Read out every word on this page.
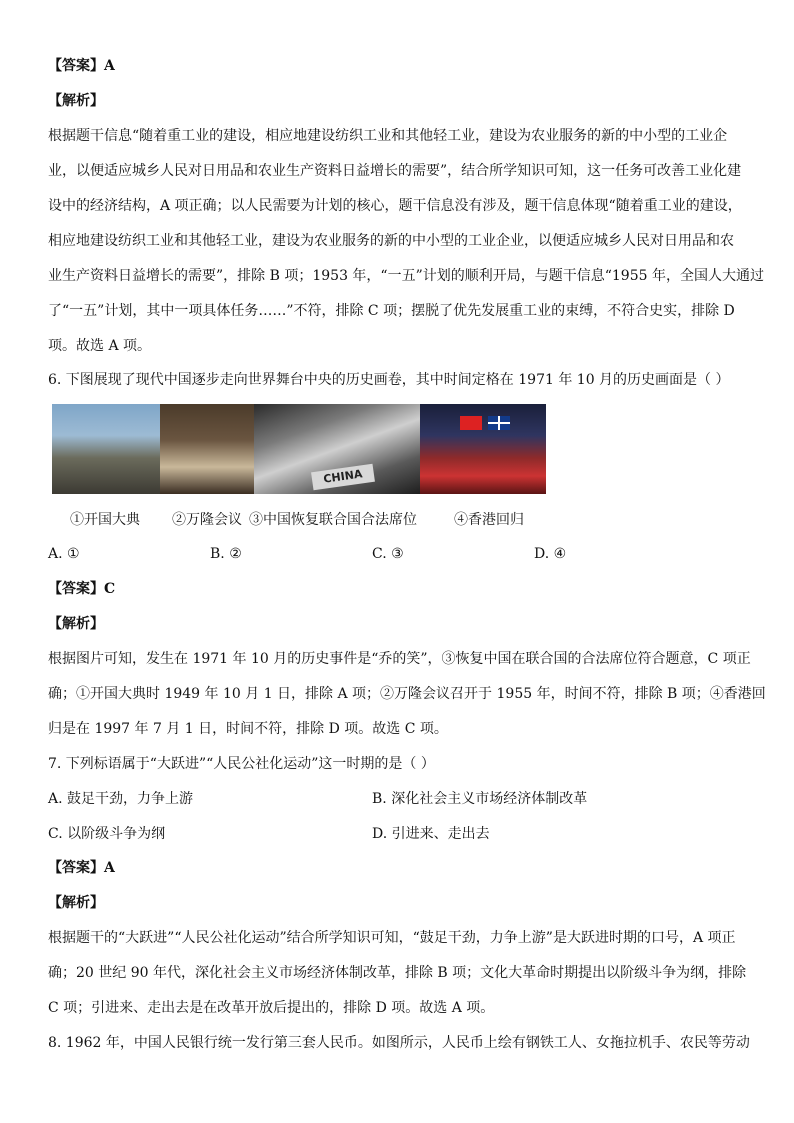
【答案】A
【解析】
根据题干信息“随着重工业的建设，相应地建设纺织工业和其他轻工业，建设为农业服务的新的中小型的工业企
业，以便适应城乡人民对日用品和农业生产资料日益增长的需要”，结合所学知识可知，这一任务可改善工业化建
设中的经济结构，A 项正确；以人民需要为计划的核心，题干信息没有涉及，题干信息体现“随着重工业的建设，
相应地建设纺织工业和其他轻工业，建设为农业服务的新的中小型的工业企业，以便适应城乡人民对日用品和农
业生产资料日益增长的需要”，排除 B 项；1953 年，“一五”计划的顺利开局，与题干信息“1955 年，全国人大通过
了“一五”计划，其中一项具体任务……”不符，排除 C 项；摆脱了优先发展重工业的束缚，不符合史实，排除 D
项。故选 A 项。
6. 下图展现了现代中国逐步走向世界舞台中央的历史画卷，其中时间定格在 1971 年 10 月的历史画面是（ ）
CHINA
①开国大典 ②万隆会议 ③中国恢复联合国合法席位	④香港回归
A. ①	B. ②	C. ③	D. ④
【答案】C
【解析】
根据图片可知，发生在 1971 年 10 月的历史事件是“乔的笑”，③恢复中国在联合国的合法席位符合题意，C 项正
确；①开国大典时 1949 年 10 月 1 日，排除 A 项；②万隆会议召开于 1955 年，时间不符，排除 B 项；④香港回
归是在 1997 年 7 月 1 日，时间不符，排除 D 项。故选 C 项。
7. 下列标语属于“大跃进”“人民公社化运动”这一时期的是（ ）
A. 鼓足干劲，力争上游	B. 深化社会主义市场经济体制改革
C. 以阶级斗争为纲	D. 引进来、走出去
【答案】A
【解析】
根据题干的“大跃进”“人民公社化运动”结合所学知识可知，“鼓足干劲，力争上游”是大跃进时期的口号，A 项正
确；20 世纪 90 年代，深化社会主义市场经济体制改革，排除 B 项；文化大革命时期提出以阶级斗争为纲，排除
C 项；引进来、走出去是在改革开放后提出的，排除 D 项。故选 A 项。
8. 1962 年，中国人民银行统一发行第三套人民币。如图所示，人民币上绘有钢铁工人、女拖拉机手、农民等劳动
